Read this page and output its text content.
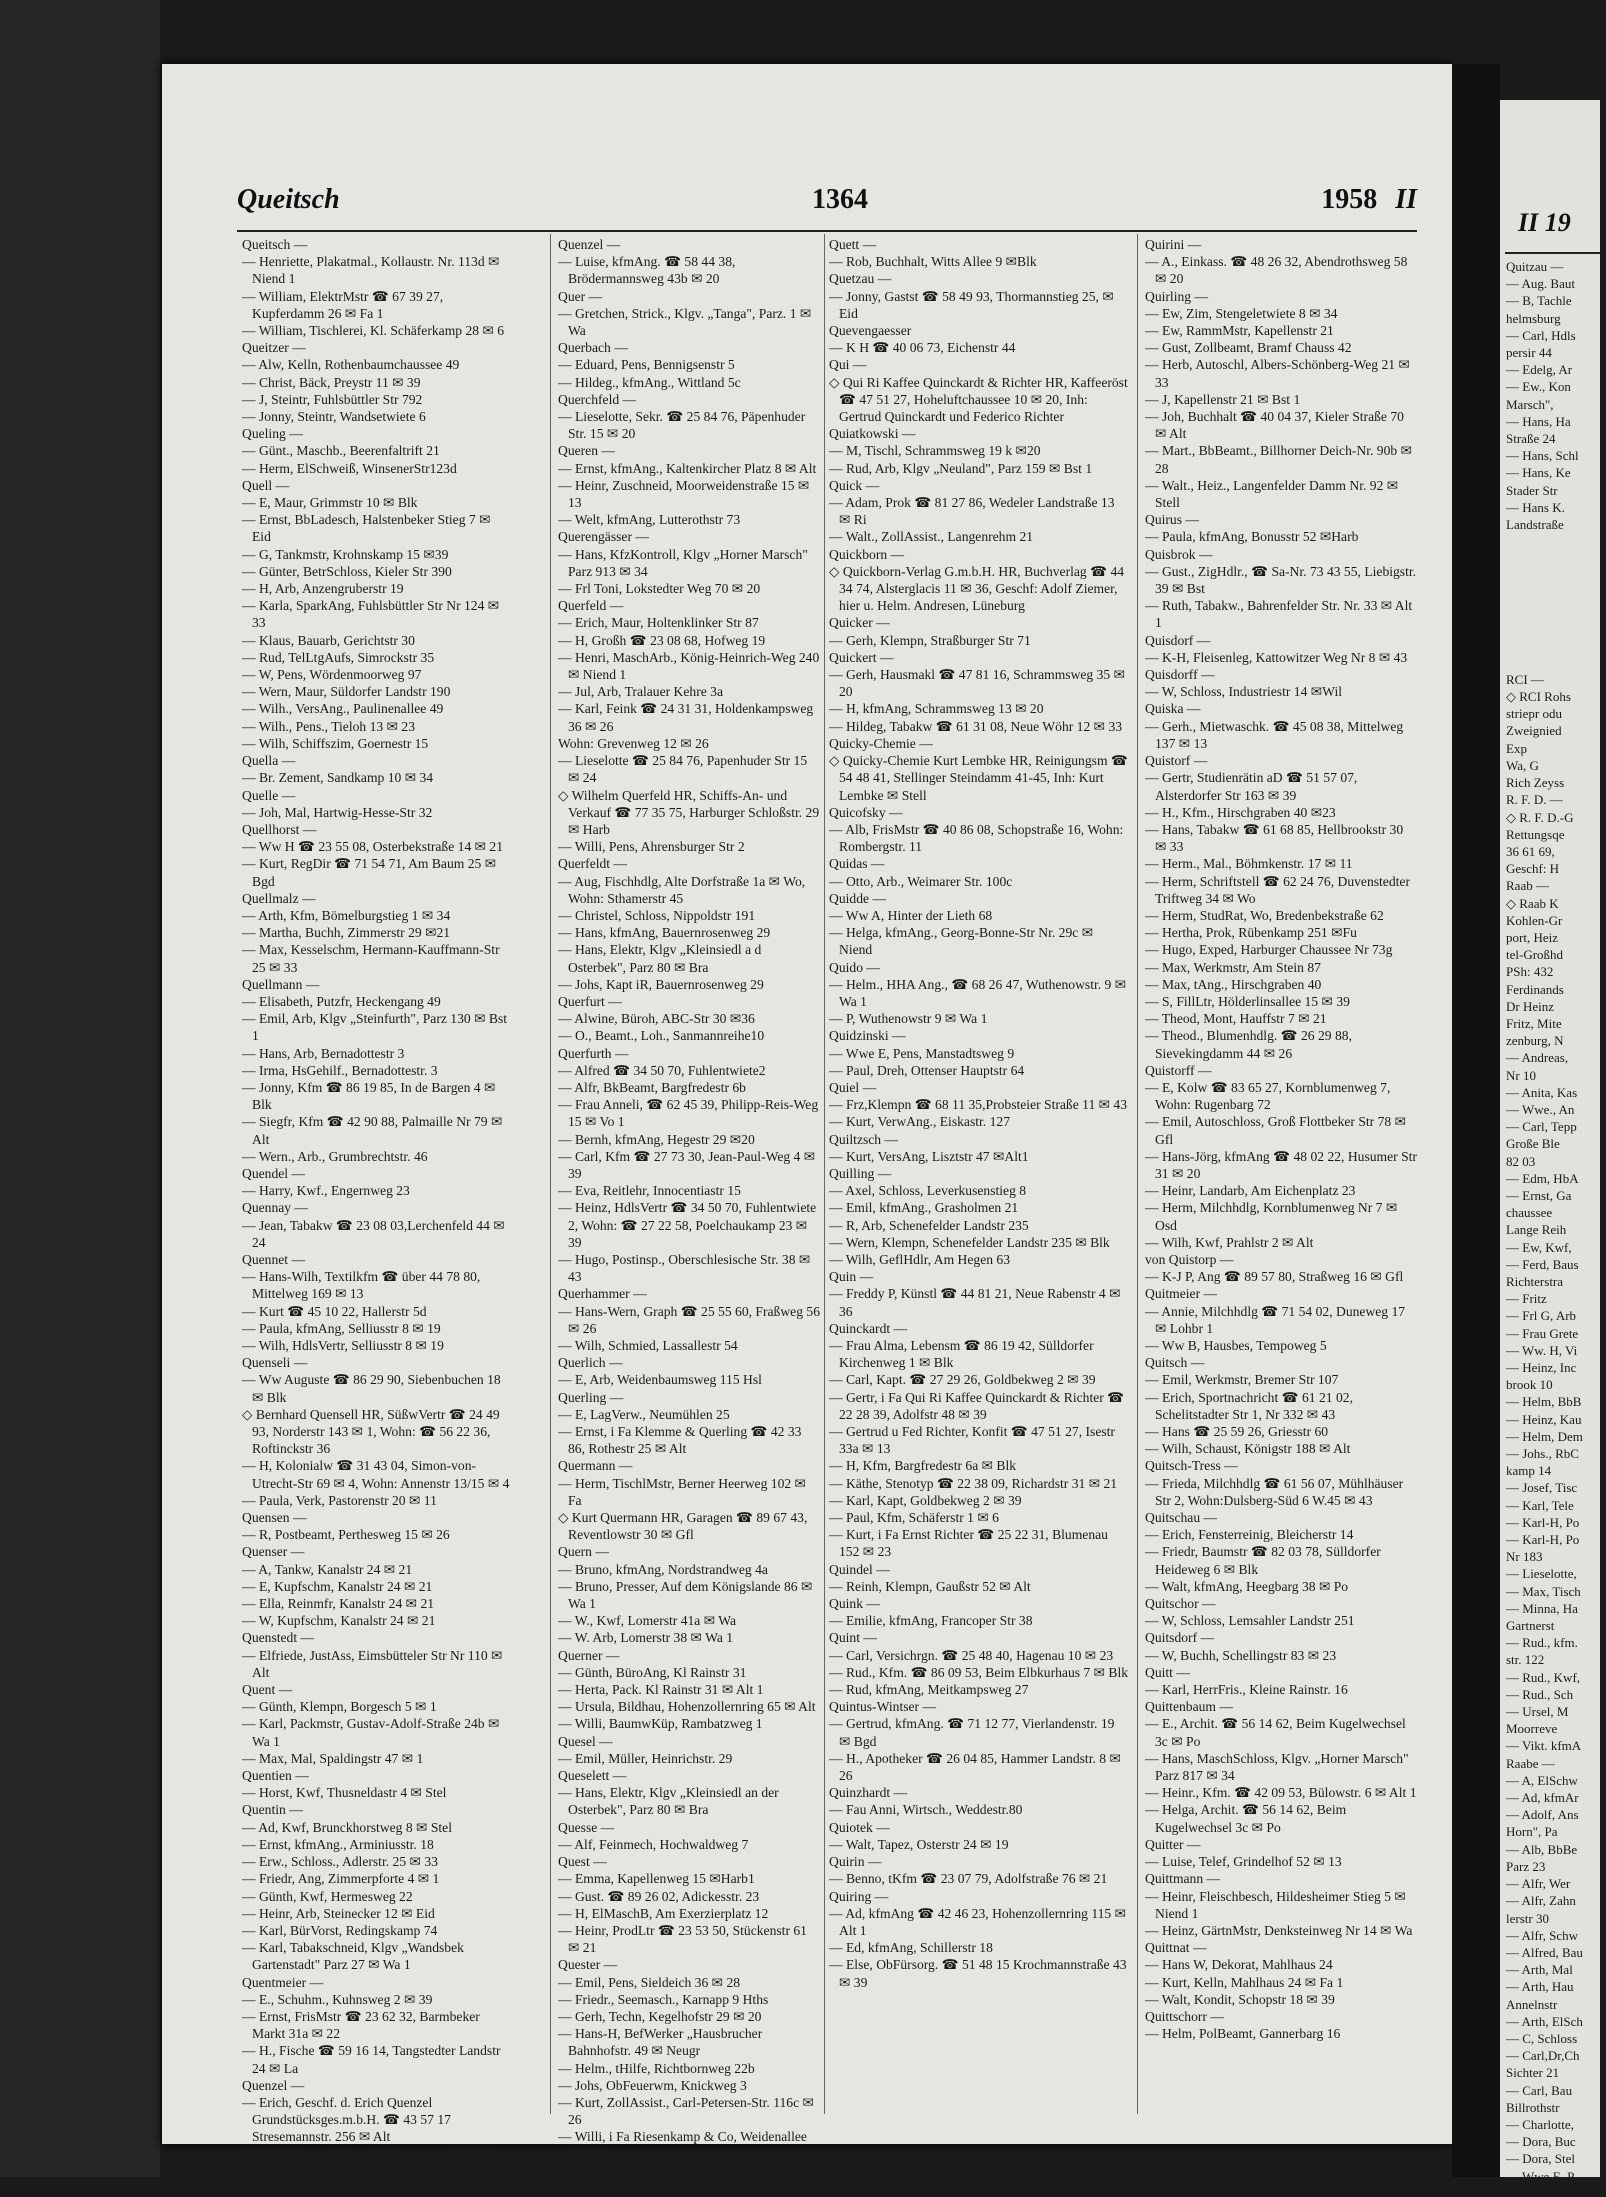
Queitsch	1364	1958 II
Queitsch —
— Henriette, Plakatmal., Kollaustr. Nr. 113d ✉ Niend 1
— William, ElektrMstr ☎ 67 39 27, Kupferdamm 26 ✉ Fa 1
— William, Tischlerei, Kl. Schäferkamp 28 ✉ 6
Queitzer —
— Alw, Kelln, Rothenbaumchaussee 49
— Christ, Bäck, Preystr 11 ✉ 39
— J, Steintr, Fuhlsbüttler Str 792
— Jonny, Steintr, Wandsetwiete 6
Queling —
— Günt., Maschb., Beerenfaltrift 21
— Herm, ElSchweiß, WinsenerStr123d
Quell —
— E, Maur, Grimmstr 10 ✉ Blk
— Ernst, BbLadesch, Halstenbeker Stieg 7 ✉ Eid
— G, Tankmstr, Krohnskamp 15 ✉39
— Günter, BetrSchloss, Kieler Str 390
— H, Arb, Anzengruberstr 19
— Karla, SparkAng, Fuhlsbüttler Str Nr 124 ✉ 33
— Klaus, Bauarb, Gerichtstr 30
— Rud, TelLtgAufs, Simrockstr 35
— W, Pens, Wördenmoorweg 97
— Wern, Maur, Süldorfer Landstr 190
— Wilh., VersAng., Paulinenallee 49
— Wilh., Pens., Tieloh 13 ✉ 23
— Wilh, Schiffszim, Goernestr 15
Quella —
— Br. Zement, Sandkamp 10 ✉ 34
Quelle —
— Joh, Mal, Hartwig-Hesse-Str 32
Quellhorst —
— Ww H ☎ 23 55 08, Osterbekstraße 14 ✉ 21
— Kurt, RegDir ☎ 71 54 71, Am Baum 25 ✉ Bgd
Quellmalz —
— Arth, Kfm, Bömelburgstieg 1 ✉ 34
— Martha, Buchh, Zimmerstr 29 ✉21
— Max, Kesselschm, Hermann-Kauffmann-Str 25 ✉ 33
Quellmann —
— Elisabeth, Putzfr, Heckengang 49
— Emil, Arb, Klgv „Steinfurth", Parz 130 ✉ Bst 1
— Hans, Arb, Bernadottestr 3
— Irma, HsGehilf., Bernadottestr. 3
— Jonny, Kfm ☎ 86 19 85, In de Bargen 4 ✉ Blk
— Siegfr, Kfm ☎ 42 90 88, Palmaille Nr 79 ✉ Alt
— Wern., Arb., Grumbrechtstr. 46
Quendel —
— Harry, Kwf., Engernweg 23
Quennay —
— Jean, Tabakw ☎ 23 08 03,Lerchenfeld 44 ✉ 24
Quennet —
— Hans-Wilh, Textilkfm ☎ über 44 78 80, Mittelweg 169 ✉ 13
— Kurt ☎ 45 10 22, Hallerstr 5d
— Paula, kfmAng, Selliusstr 8 ✉ 19
— Wilh, HdlsVertr, Selliusstr 8 ✉ 19
Quenseli —
— Ww Auguste ☎ 86 29 90, Siebenbuchen 18 ✉ Blk
◇ Bernhard Quensell HR, SüßwVertr ☎ 24 49 93, Norderstr 143 ✉ 1, Wohn: ☎ 56 22 36, Roftinckstr 36
— H, Kolonialw ☎ 31 43 04, Simon-von-Utrecht-Str 69 ✉ 4, Wohn: Annenstr 13/15 ✉ 4
— Paula, Verk, Pastorenstr 20 ✉ 11
Quensen —
— R, Postbeamt, Perthesweg 15 ✉ 26
Quenser —
— A, Tankw, Kanalstr 24 ✉ 21
— E, Kupfschm, Kanalstr 24 ✉ 21
— Ella, Reinmfr, Kanalstr 24 ✉ 21
— W, Kupfschm, Kanalstr 24 ✉ 21
Quenstedt —
— Elfriede, JustAss, Eimsbütteler Str Nr 110 ✉ Alt
Quent —
— Günth, Klempn, Borgesch 5 ✉ 1
— Karl, Packmstr, Gustav-Adolf-Straße 24b ✉ Wa 1
— Max, Mal, Spaldingstr 47 ✉ 1
Quentien —
— Horst, Kwf, Thusneldastr 4 ✉ Stel
Quentin —
— Ad, Kwf, Brunckhorstweg 8 ✉ Stel
— Ernst, kfmAng., Arminiusstr. 18
— Erw., Schloss., Adlerstr. 25 ✉ 33
— Friedr, Ang, Zimmerpforte 4 ✉ 1
— Günth, Kwf, Hermesweg 22
— Heinr, Arb, Steinecker 12 ✉ Eid
— Karl, BürVorst, Redingskamp 74
— Karl, Tabakschneid, Klgv „Wandsbek Gartenstadt" Parz 27 ✉ Wa 1
Quentmeier —
— E., Schuhm., Kuhnsweg 2 ✉ 39
— Ernst, FrisMstr ☎ 23 62 32, Barmbeker Markt 31a ✉ 22
— H., Fische ☎ 59 16 14, Tangstedter Landstr 24 ✉ La
Quenzel —
— Erich, Geschf. d. Erich Quenzel Grundstücksges.m.b.H. ☎ 43 57 17 Stresemannstr. 256 ✉ Alt
◇ Erich Quenzel Grundstücksges. m. b. H. HR, Grundst.-Verwltg. ☎ 43 57 17, Stresemannstr. 256 ✉ Alt Geschf: Erich Quenzel
Quenzel —
— Luise, kfmAng. ☎ 58 44 38, Brödermannsweg 43b ✉ 20
Quer —
— Gretchen, Strick., Klgv. „Tanga", Parz. 1 ✉ Wa
Querbach —
— Eduard, Pens, Bennigsenstr 5
— Hildeg., kfmAng., Wittland 5c
Querchfeld —
— Lieselotte, Sekr. ☎ 25 84 76, Päpenhuder Str. 15 ✉ 20
Queren —
— Ernst, kfmAng., Kaltenkircher Platz 8 ✉ Alt
— Heinr, Zuschneid, Moorweidenstraße 15 ✉ 13
— Welt, kfmAng, Lutterothstr 73
Querengässer —
— Hans, KfzKontroll, Klgv „Horner Marsch" Parz 913 ✉ 34
— Frl Toni, Lokstedter Weg 70 ✉ 20
Querfeld —
— Erich, Maur, Holtenklinker Str 87
— H, Großh ☎ 23 08 68, Hofweg 19
— Henri, MaschArb., König-Heinrich-Weg 240 ✉ Niend 1
— Jul, Arb, Tralauer Kehre 3a
— Karl, Feink ☎ 24 31 31, Holdenkampsweg 36 ✉ 26
Wohn: Grevenweg 12 ✉ 26
— Lieselotte ☎ 25 84 76, Papenhuder Str 15 ✉ 24
◇ Wilhelm Querfeld HR, Schiffs-An- und Verkauf ☎ 77 35 75, Harburger Schloßstr. 29 ✉ Harb
— Willi, Pens, Ahrensburger Str 2
Querfeldt —
— Aug, Fischhdlg, Alte Dorfstraße 1a ✉ Wo, Wohn: Sthamerstr 45
— Christel, Schloss, Nippoldstr 191
— Hans, kfmAng, Bauernrosenweg 29
— Hans, Elektr, Klgv „Kleinsiedl a d Osterbek", Parz 80 ✉ Bra
— Johs, Kapt iR, Bauernrosenweg 29
Querfurt —
— Alwine, Büroh, ABC-Str 30 ✉36
— O., Beamt., Loh., Sanmannreihe10
Querfurth —
— Alfred ☎ 34 50 70, Fuhlentwiete2
— Alfr, BkBeamt, Bargfredestr 6b
— Frau Anneli, ☎ 62 45 39, Philipp-Reis-Weg 15 ✉ Vo 1
— Bernh, kfmAng, Hegestr 29 ✉20
— Carl, Kfm ☎ 27 73 30, Jean-Paul-Weg 4 ✉ 39
— Eva, Reitlehr, Innocentiastr 15
— Heinz, HdlsVertr ☎ 34 50 70, Fuhlentwiete 2, Wohn: ☎ 27 22 58, Poelchaukamp 23 ✉ 39
— Hugo, Postinsp., Oberschlesische Str. 38 ✉ 43
Querhammer —
— Hans-Wern, Graph ☎ 25 55 60, Fraßweg 56 ✉ 26
— Wilh, Schmied, Lassallestr 54
Querlich —
— E, Arb, Weidenbaumsweg 115 Hsl
Querling —
— E, LagVerw., Neumühlen 25
— Ernst, i Fa Klemme & Querling ☎ 42 33 86, Rothestr 25 ✉ Alt
Quermann —
— Herm, TischlMstr, Berner Heerweg 102 ✉ Fa
◇ Kurt Quermann HR, Garagen ☎ 89 67 43, Reventlowstr 30 ✉ Gfl
Quern —
— Bruno, kfmAng, Nordstrandweg 4a
— Bruno, Presser, Auf dem Königslande 86 ✉ Wa 1
— W., Kwf, Lomerstr 41a ✉ Wa
— W. Arb, Lomerstr 38 ✉ Wa 1
Querner —
— Günth, BüroAng, Kl Rainstr 31
— Herta, Pack. Kl Rainstr 31 ✉ Alt 1
— Ursula, Bildhau, Hohenzollernring 65 ✉ Alt
— Willi, BaumwKüp, Rambatzweg 1
Quesel —
— Emil, Müller, Heinrichstr. 29
Queselett —
— Hans, Elektr, Klgv „Kleinsiedl an der Osterbek", Parz 80 ✉ Bra
Quesse —
— Alf, Feinmech, Hochwaldweg 7
Quest —
— Emma, Kapellenweg 15 ✉Harb1
— Gust. ☎ 89 26 02, Adickesstr. 23
— H, ElMaschB, Am Exerzierplatz 12
— Heinr, ProdLtr ☎ 23 53 50, Stückenstr 61 ✉ 21
Quester —
— Emil, Pens, Sieldeich 36 ✉ 28
— Friedr., Seemasch., Karnapp 9 Hths
— Gerh, Techn, Kegelhofstr 29 ✉ 20
— Hans-H, BefWerker „Hausbrucher Bahnhofstr. 49 ✉ Neugr
— Helm., tHilfe, Richtbornweg 22b
— Johs, ObFeuerwm, Knickweg 3
— Kurt, ZollAssist., Carl-Petersen-Str. 116c ✉ 26
— Willi, i Fa Riesenkamp & Co, Weidenallee 61 ✉ 6
Questschke —
— Frz, Maur, Graudenzer Weg 5 ✉ 43
Quett —
— Rob, Buchhalt, Witts Allee 9 ✉Blk
Quetzau —
— Jonny, Gastst ☎ 58 49 93, Thormannstieg 25, ✉ Eid
Quevengaesser
— K H ☎ 40 06 73, Eichenstr 44
Qui —
◇ Qui Ri Kaffee Quinckardt & Richter HR, Kaffeeröst ☎ 47 51 27, Hoheluftchaussee 10 ✉ 20, Inh: Gertrud Quinckardt und Federico Richter
Quiatkowski —
— M, Tischl, Schrammsweg 19 k ✉20
— Rud, Arb, Klgv „Neuland", Parz 159 ✉ Bst 1
Quick —
— Adam, Prok ☎ 81 27 86, Wedeler Landstraße 13 ✉ Ri
— Walt., ZollAssist., Langenrehm 21
Quickborn —
◇ Quickborn-Verlag G.m.b.H. HR, Buchverlag ☎ 44 34 74, Alsterglacis 11 ✉ 36, Geschf: Adolf Ziemer, hier u. Helm. Andresen, Lüneburg
Quicker —
— Gerh, Klempn, Straßburger Str 71
Quickert —
— Gerh, Hausmakl ☎ 47 81 16, Schrammsweg 35 ✉ 20
— H, kfmAng, Schrammsweg 13 ✉ 20
— Hildeg, Tabakw ☎ 61 31 08, Neue Wöhr 12 ✉ 33
Quicky-Chemie —
◇ Quicky-Chemie Kurt Lembke HR, Reinigungsm ☎ 54 48 41, Stellinger Steindamm 41-45, Inh: Kurt Lembke ✉ Stell
Quicofsky —
— Alb, FrisMstr ☎ 40 86 08, Schopstraße 16, Wohn: Rombergstr. 11
Quidas —
— Otto, Arb., Weimarer Str. 100c
Quidde —
— Ww A, Hinter der Lieth 68
— Helga, kfmAng., Georg-Bonne-Str Nr. 29c ✉ Niend
Quido —
— Helm., HHA Ang., ☎ 68 26 47, Wuthenowstr. 9 ✉ Wa 1
— P, Wuthenowstr 9 ✉ Wa 1
Quidzinski —
— Wwe E, Pens, Manstadtsweg 9
— Paul, Dreh, Ottenser Hauptstr 64
Quiel —
— Frz,Klempn ☎ 68 11 35,Probsteier Straße 11 ✉ 43
— Kurt, VerwAng., Eiskastr. 127
Quiltzsch —
— Kurt, VersAng, Lisztstr 47 ✉Alt1
Quilling —
— Axel, Schloss, Leverkusenstieg 8
— Emil, kfmAng., Grasholmen 21
— R, Arb, Schenefelder Landstr 235
— Wern, Klempn, Schenefelder Landstr 235 ✉ Blk
— Wilh, GeflHdlr, Am Hegen 63
Quin —
— Freddy P, Künstl ☎ 44 81 21, Neue Rabenstr 4 ✉ 36
Quinckardt —
— Frau Alma, Lebensm ☎ 86 19 42, Sülldorfer Kirchenweg 1 ✉ Blk
— Carl, Kapt. ☎ 27 29 26, Goldbekweg 2 ✉ 39
— Gertr, i Fa Qui Ri Kaffee Quinckardt & Richter ☎ 22 28 39, Adolfstr 48 ✉ 39
— Gertrud u Fed Richter, Konfit ☎ 47 51 27, Isestr 33a ✉ 13
— H, Kfm, Bargfredestr 6a ✉ Blk
— Käthe, Stenotyp ☎ 22 38 09, Richardstr 31 ✉ 21
— Karl, Kapt, Goldbekweg 2 ✉ 39
— Paul, Kfm, Schäferstr 1 ✉ 6
— Kurt, i Fa Ernst Richter ☎ 25 22 31, Blumenau 152 ✉ 23
Quindel —
— Reinh, Klempn, Gaußstr 52 ✉ Alt
Quink —
— Emilie, kfmAng, Francoper Str 38
Quint —
— Carl, Versichrgn. ☎ 25 48 40, Hagenau 10 ✉ 23
— Rud., Kfm. ☎ 86 09 53, Beim Elbkurhaus 7 ✉ Blk
— Rud, kfmAng, Meitkampsweg 27
Quintus-Wintser —
— Gertrud, kfmAng. ☎ 71 12 77, Vierlandenstr. 19 ✉ Bgd
— H., Apotheker ☎ 26 04 85, Hammer Landstr. 8 ✉ 26
Quinzhardt —
— Fau Anni, Wirtsch., Weddestr.80
Quiotek —
— Walt, Tapez, Osterstr 24 ✉ 19
Quirin —
— Benno, tKfm ☎ 23 07 79, Adolfstraße 76 ✉ 21
Quiring —
— Ad, kfmAng ☎ 42 46 23, Hohenzollernring 115 ✉ Alt 1
— Ed, kfmAng, Schillerstr 18
— Else, ObFürsorg. ☎ 51 48 15 Krochmannstraße 43 ✉ 39
Quirini —
— A., Einkass. ☎ 48 26 32, Abendrothsweg 58 ✉ 20
Quirling —
— Ew, Zim, Stengeletwiete 8 ✉ 34
— Ew, RammMstr, Kapellenstr 21
— Gust, Zollbeamt, Bramf Chauss 42
— Herb, Autoschl, Albers-Schönberg-Weg 21 ✉ 33
— J, Kapellenstr 21 ✉ Bst 1
— Joh, Buchhalt ☎ 40 04 37, Kieler Straße 70 ✉ Alt
— Mart., BbBeamt., Billhorner Deich-Nr. 90b ✉ 28
— Walt., Heiz., Langenfelder Damm Nr. 92 ✉ Stell
Quirus —
— Paula, kfmAng, Bonusstr 52 ✉Harb
Quisbrok —
— Gust., ZigHdlr., ☎ Sa-Nr. 73 43 55, Liebigstr. 39 ✉ Bst
— Ruth, Tabakw., Bahrenfelder Str. Nr. 33 ✉ Alt 1
Quisdorf —
— K-H, Fleisenleg, Kattowitzer Weg Nr 8 ✉ 43
Quisdorff —
— W, Schloss, Industriestr 14 ✉Wil
Quiska —
— Gerh., Mietwaschk. ☎ 45 08 38, Mittelweg 137 ✉ 13
Quistorf —
— Gertr, Studienrätin aD ☎ 51 57 07, Alsterdorfer Str 163 ✉ 39
— H., Kfm., Hirschgraben 40 ✉23
— Hans, Tabakw ☎ 61 68 85, Hellbrookstr 30 ✉ 33
— Herm., Mal., Böhmkenstr. 17 ✉ 11
— Herm, Schriftstell ☎ 62 24 76, Duvenstedter Triftweg 34 ✉ Wo
— Herm, StudRat, Wo, Bredenbekstraße 62
— Hertha, Prok, Rübenkamp 251 ✉Fu
— Hugo, Exped, Harburger Chaussee Nr 73g
— Max, Werkmstr, Am Stein 87
— Max, tAng., Hirschgraben 40
— S, FillLtr, Hölderlinsallee 15 ✉ 39
— Theod, Mont, Hauffstr 7 ✉ 21
— Theod., Blumenhdlg. ☎ 26 29 88, Sievekingdamm 44 ✉ 26
Quistorff —
— E, Kolw ☎ 83 65 27, Kornblumenweg 7, Wohn: Rugenbarg 72
— Emil, Autoschloss, Groß Flottbeker Str 78 ✉ Gfl
— Hans-Jörg, kfmAng ☎ 48 02 22, Husumer Str 31 ✉ 20
— Heinr, Landarb, Am Eichenplatz 23
— Herm, Milchhdlg, Kornblumenweg Nr 7 ✉ Osd
— Wilh, Kwf, Prahlstr 2 ✉ Alt
von Quistorp —
— K-J P, Ang ☎ 89 57 80, Straßweg 16 ✉ Gfl
Quitmeier —
— Annie, Milchhdlg ☎ 71 54 02, Duneweg 17 ✉ Lohbr 1
— Ww B, Hausbes, Tempoweg 5
Quitsch —
— Emil, Werkmstr, Bremer Str 107
— Erich, Sportnachricht ☎ 61 21 02, Schelitstadter Str 1, Nr 332 ✉ 43
— Hans ☎ 25 59 26, Griesstr 60
— Wilh, Schaust, Königstr 188 ✉ Alt
Quitsch-Tress —
— Frieda, Milchhdlg ☎ 61 56 07, Mühlhäuser Str 2, Wohn:Dulsberg-Süd 6 W.45 ✉ 43
Quitschau —
— Erich, Fensterreinig, Bleicherstr 14
— Friedr, Baumstr ☎ 82 03 78, Sülldorfer Heideweg 6 ✉ Blk
— Walt, kfmAng, Heegbarg 38 ✉ Po
Quitschor —
— W, Schloss, Lemsahler Landstr 251
Quitsdorf —
— W, Buchh, Schellingstr 83 ✉ 23
Quitt —
— Karl, HerrFris., Kleine Rainstr. 16
Quittenbaum —
— E., Archit. ☎ 56 14 62, Beim Kugelwechsel 3c ✉ Po
— Hans, MaschSchloss, Klgv. „Horner Marsch" Parz 817 ✉ 34
— Heinr., Kfm. ☎ 42 09 53, Bülowstr. 6 ✉ Alt 1
— Helga, Archit. ☎ 56 14 62, Beim Kugelwechsel 3c ✉ Po
Quitter —
— Luise, Telef, Grindelhof 52 ✉ 13
Quittmann —
— Heinr, Fleischbesch, Hildesheimer Stieg 5 ✉ Niend 1
— Heinz, GärtnMstr, Denksteinweg Nr 14 ✉ Wa
Quittnat —
— Hans W, Dekorat, Mahlhaus 24
— Kurt, Kelln, Mahlhaus 24 ✉ Fa 1
— Walt, Kondit, Schopstr 18 ✉ 39
Quittschorr —
— Helm, PolBeamt, Gannerbarg 16
II 19
Quitzau —
— Aug. Baut
— B, Tachle
helmsburg
— Carl, Hdls
persir 44
— Edelg, Ar
— Ew., Kon
Marsch",
— Hans, Ha
Straße 24
— Hans, Schl
— Hans, Ke
Stader Str
— Hans K.
Landstraße

RCI —
◇ RCI Rohs
striepr odu
Zweignied
Exp
Wa, G
Rich Zeyss
R. F. D. —
◇ R. F. D.-G
Rettungsqe
36 61 69,
Geschf: H
Raab —
◇ Raab K
Kohlen-Gr
port, Heiz
tel-Großhd
PSh: 432
Ferdinands
Dr Heinz
Fritz, Mite
zenburg, N
— Andreas,
Nr 10
— Anita, Kas
— Wwe., An
— Carl, Tepp
Große Ble
82 03
— Edm, HbA
— Ernst, Ga
chaussee
Lange Reih
— Ew, Kwf,
— Ferd, Baus
Richterstra
— Fritz
— Frl G, Arb
— Frau Grete
— Ww. H, Vi
— Heinz, Inc
brook 10
— Helm, BbB
— Heinz, Kau
— Helm, Dem
— Johs., RbC
kamp 14
— Josef, Tisc
— Karl, Tele
— Karl-H, Po
— Karl-H, Po
Nr 183
— Lieselotte,
— Max, Tisch
— Minna, Ha
Gartnerst
— Rud., kfm.
str. 122
— Rud., Kwf,
— Rud., Sch
— Ursel, M
Moorreve
— Vikt. kfmA
Raabe —
— A, ElSchw
— Ad, kfmAr
— Adolf, Ans
Horn", Pa
— Alb, BbBe
Parz 23
— Alfr, Wer
— Alfr, Zahn
lerstr 30
— Alfr, Schw
— Alfred, Bau
— Arth, Mal
— Arth, Hau
Annelnstr
— Arth, ElSch
— C, Schloss
— Carl,Dr,Ch
Sichter 21
— Carl, Bau
Billrothstr
— Charlotte,
— Dora, Buc
— Dora, Stel
— Wwe E, P
